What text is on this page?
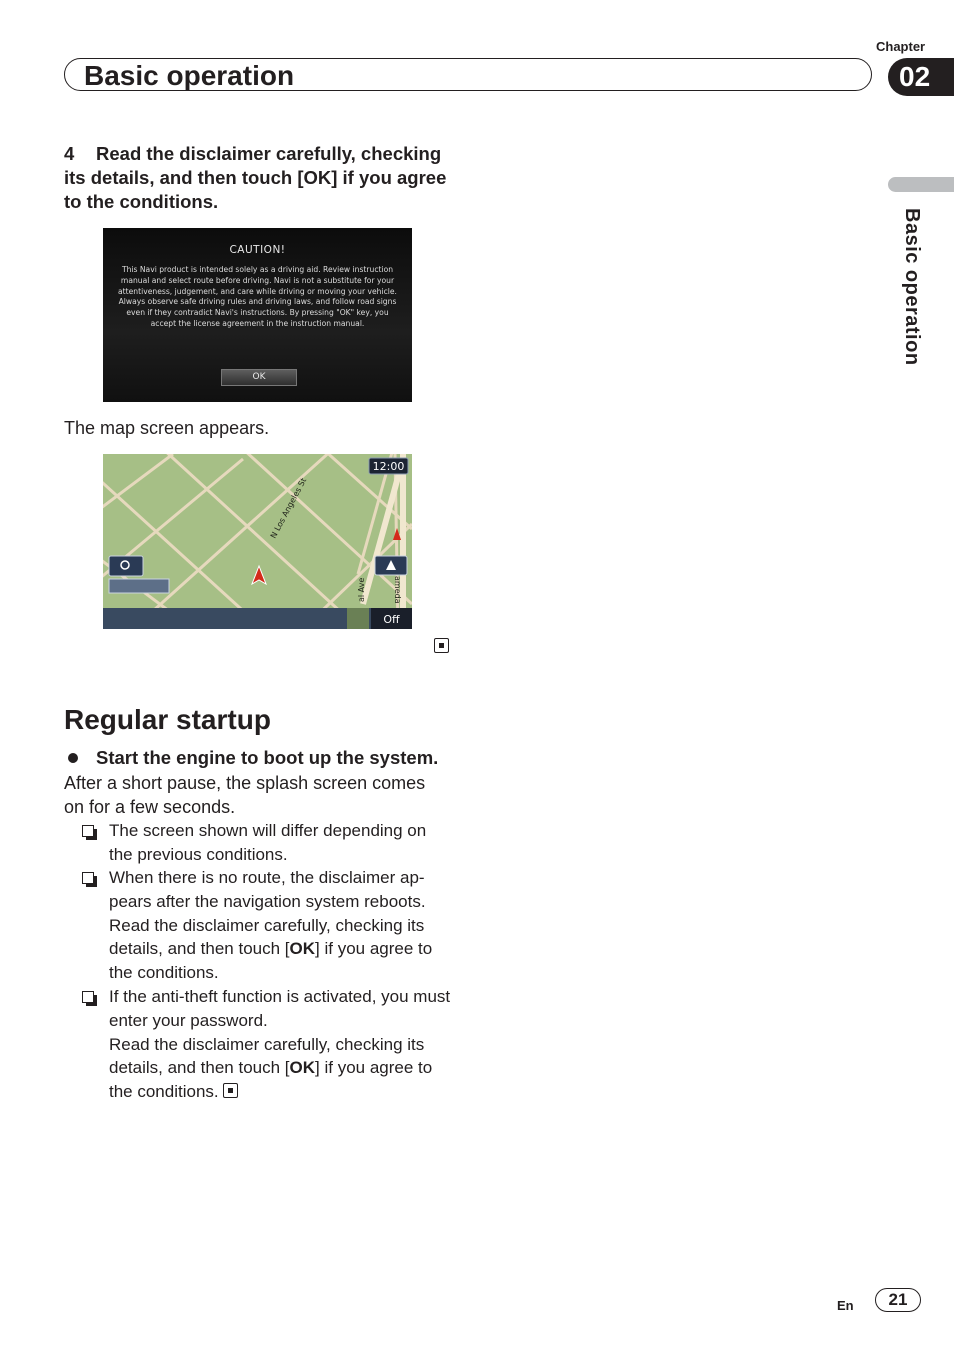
Chapter
Basic operation	02
Basic operation
4 Read the disclaimer carefully, checking its details, and then touch [OK] if you agree to the conditions.
CAUTION!
This Navi product is intended solely as a driving aid. Review instruction manual and select route before driving. Navi is not a substitute for your attentiveness, judgement, and care while driving or moving your vehicle. Always observe safe driving rules and driving laws, and follow road signs even if they contradict Navi's instructions. By pressing "OK" key, you accept the license agreement in the instruction manual.
OK
The map screen appears.
12:00
N Los Angeles St
al Ave	ameda
Off
Regular startup
Start the engine to boot up the system.
After a short pause, the splash screen comes on for a few seconds.
The screen shown will differ depending on the previous conditions.
When there is no route, the disclaimer ap- pears after the navigation system reboots.
Read the disclaimer carefully, checking its details, and then touch [OK] if you agree to the conditions.
If the anti-theft function is activated, you must enter your password.
Read the disclaimer carefully, checking its details, and then touch [OK] if you agree to the conditions.
En	21
